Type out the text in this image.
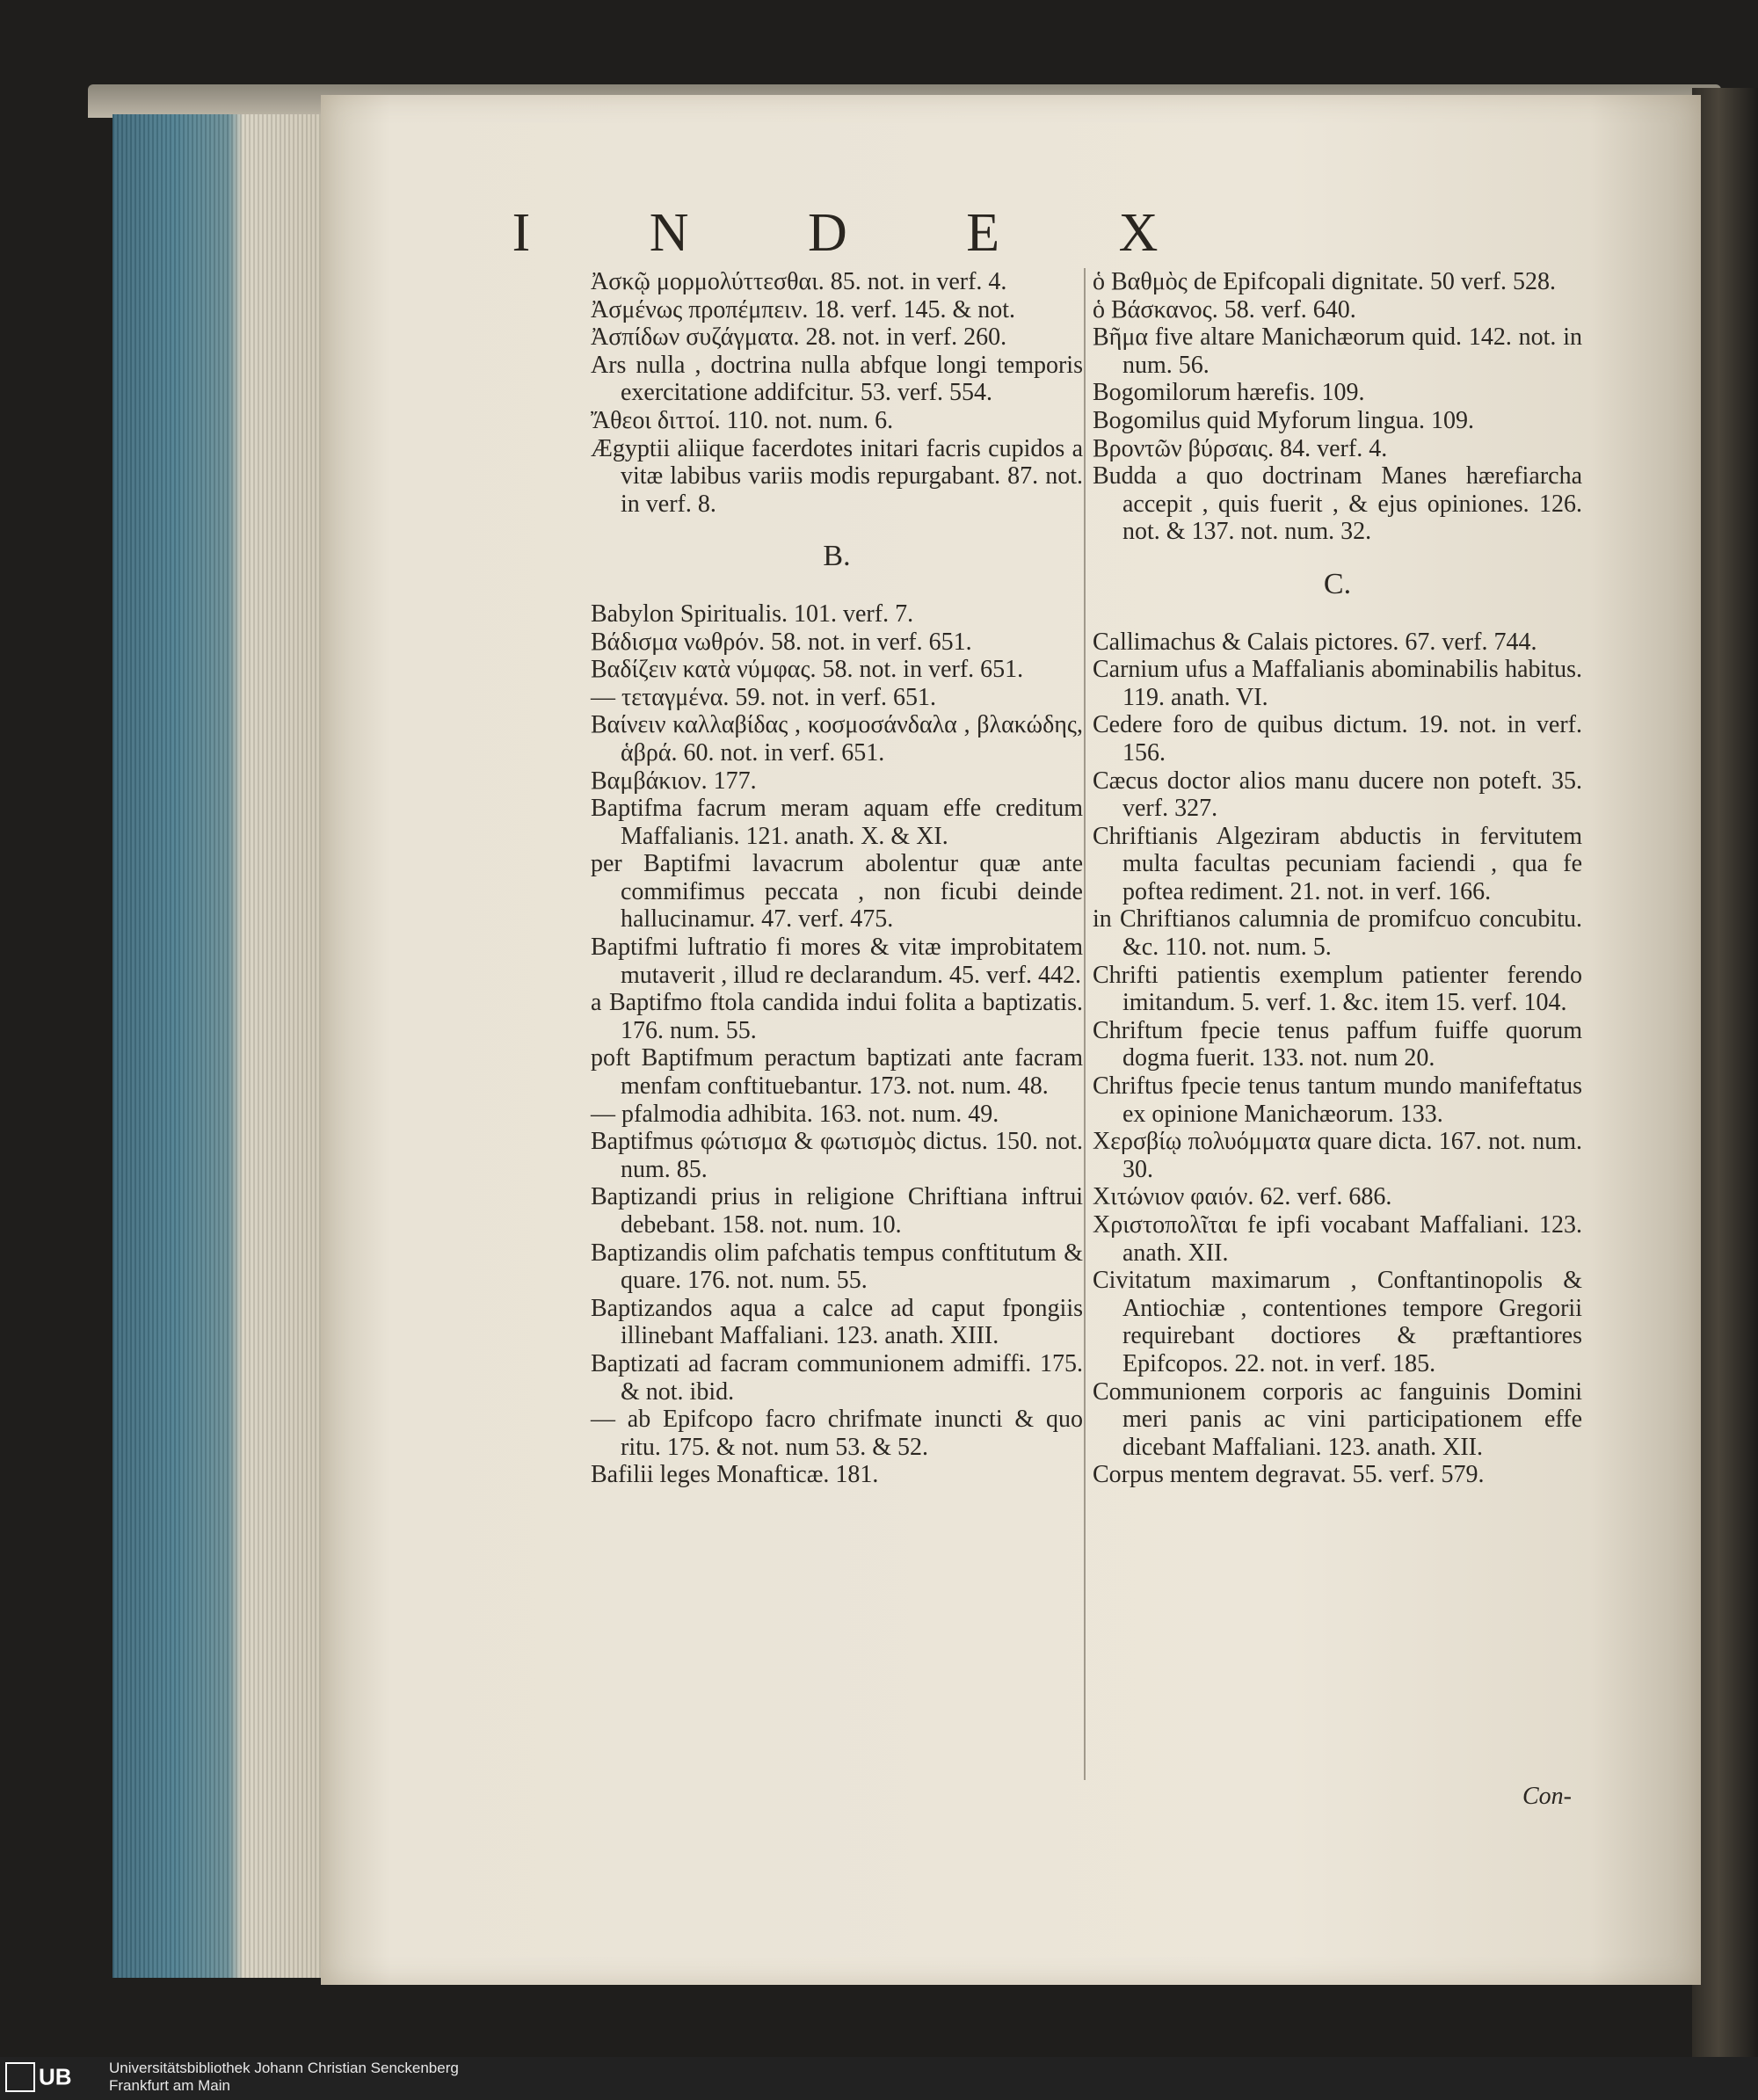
I N D E X

Ἀσκῷ μορμολύττεσθαι. 85. not. in verf. 4.

Ἀσμένως προπέμπειν. 18. verf. 145. & not.

Ἀσπίδων συζάγματα. 28. not. in verf. 260.

Ars nulla , doctrina nulla abfque longi temporis exercitatione addifcitur. 53. verf. 554.

Ἄθεοι διττοί. 110. not. num. 6.

Ægyptii aliique facerdotes initari facris cupidos a vitæ labibus variis modis repurgabant. 87. not. in verf. 8.

B.

Babylon Spiritualis. 101. verf. 7.

Βάδισμα νωθρόν. 58. not. in verf. 651.

Βαδίζειν κατὰ νύμφας. 58. not. in verf. 651.

— τεταγμένα. 59. not. in verf. 651.

Βαίνειν καλλαβίδας , κοσμοσάνδαλα , βλακώδης, ἁβρά. 60. not. in verf. 651.

Βαμβάκιον. 177.

Baptifma facrum meram aquam effe creditum Maffalianis. 121. anath. X. & XI.

per Baptifmi lavacrum abolentur quæ ante commifimus peccata , non ficubi deinde hallucinamur. 47. verf. 475.

Baptifmi luftratio fi mores & vitæ improbitatem mutaverit , illud re declarandum. 45. verf. 442.

a Baptifmo ftola candida indui folita a baptizatis. 176. num. 55.

poft Baptifmum peractum baptizati ante facram menfam conftituebantur. 173. not. num. 48.

— pfalmodia adhibita. 163. not. num. 49.

Baptifmus φώτισμα & φωτισμὸς dictus. 150. not. num. 85.

Baptizandi prius in religione Chriftiana inftrui debebant. 158. not. num. 10.

Baptizandis olim pafchatis tempus conftitutum & quare. 176. not. num. 55.

Baptizandos aqua a calce ad caput fpongiis illinebant Maffaliani. 123. anath. XIII.

Baptizati ad facram communionem admiffi. 175. & not. ibid.

— ab Epifcopo facro chrifmate inuncti & quo ritu. 175. & not. num 53. & 52.

Bafilii leges Monafticæ. 181.

ὁ Βαθμὸς de Epifcopali dignitate. 50 verf. 528.

ὁ Βάσκανος. 58. verf. 640.

Βῆμα five altare Manichæorum quid. 142. not. in num. 56.

Bogomilorum hærefis. 109.

Bogomilus quid Myforum lingua. 109.

Βροντῶν βύρσαις. 84. verf. 4.

Budda a quo doctrinam Manes hærefiarcha accepit , quis fuerit , & ejus opiniones. 126. not. & 137. not. num. 32.

C.

Callimachus & Calais pictores. 67. verf. 744.

Carnium ufus a Maffalianis abominabilis habitus. 119. anath. VI.

Cedere foro de quibus dictum. 19. not. in verf. 156.

Cæcus doctor alios manu ducere non poteft. 35. verf. 327.

Chriftianis Algeziram abductis in fervitutem multa facultas pecuniam faciendi , qua fe poftea rediment. 21. not. in verf. 166.

in Chriftianos calumnia de promifcuo concubitu. &c. 110. not. num. 5.

Chrifti patientis exemplum patienter ferendo imitandum. 5. verf. 1. &c. item 15. verf. 104.

Chriftum fpecie tenus paffum fuiffe quorum dogma fuerit. 133. not. num 20.

Chriftus fpecie tenus tantum mundo manifeftatus ex opinione Manichæorum. 133.

Χερσβίῳ πολυόμματα quare dicta. 167. not. num. 30.

Χιτώνιον φαιόν. 62. verf. 686.

Χριστοπολῖται fe ipfi vocabant Maffaliani. 123. anath. XII.

Civitatum maximarum , Conftantinopolis & Antiochiæ , contentiones tempore Gregorii requirebant doctiores & præftantiores Epifcopos. 22. not. in verf. 185.

Communionem corporis ac fanguinis Domini meri panis ac vini participationem effe dicebant Maffaliani. 123. anath. XII.

Corpus mentem degravat. 55. verf. 579.

Con-
UB	Universitätsbibliothek Johann Christian Senckenberg
Frankfurt am Main
